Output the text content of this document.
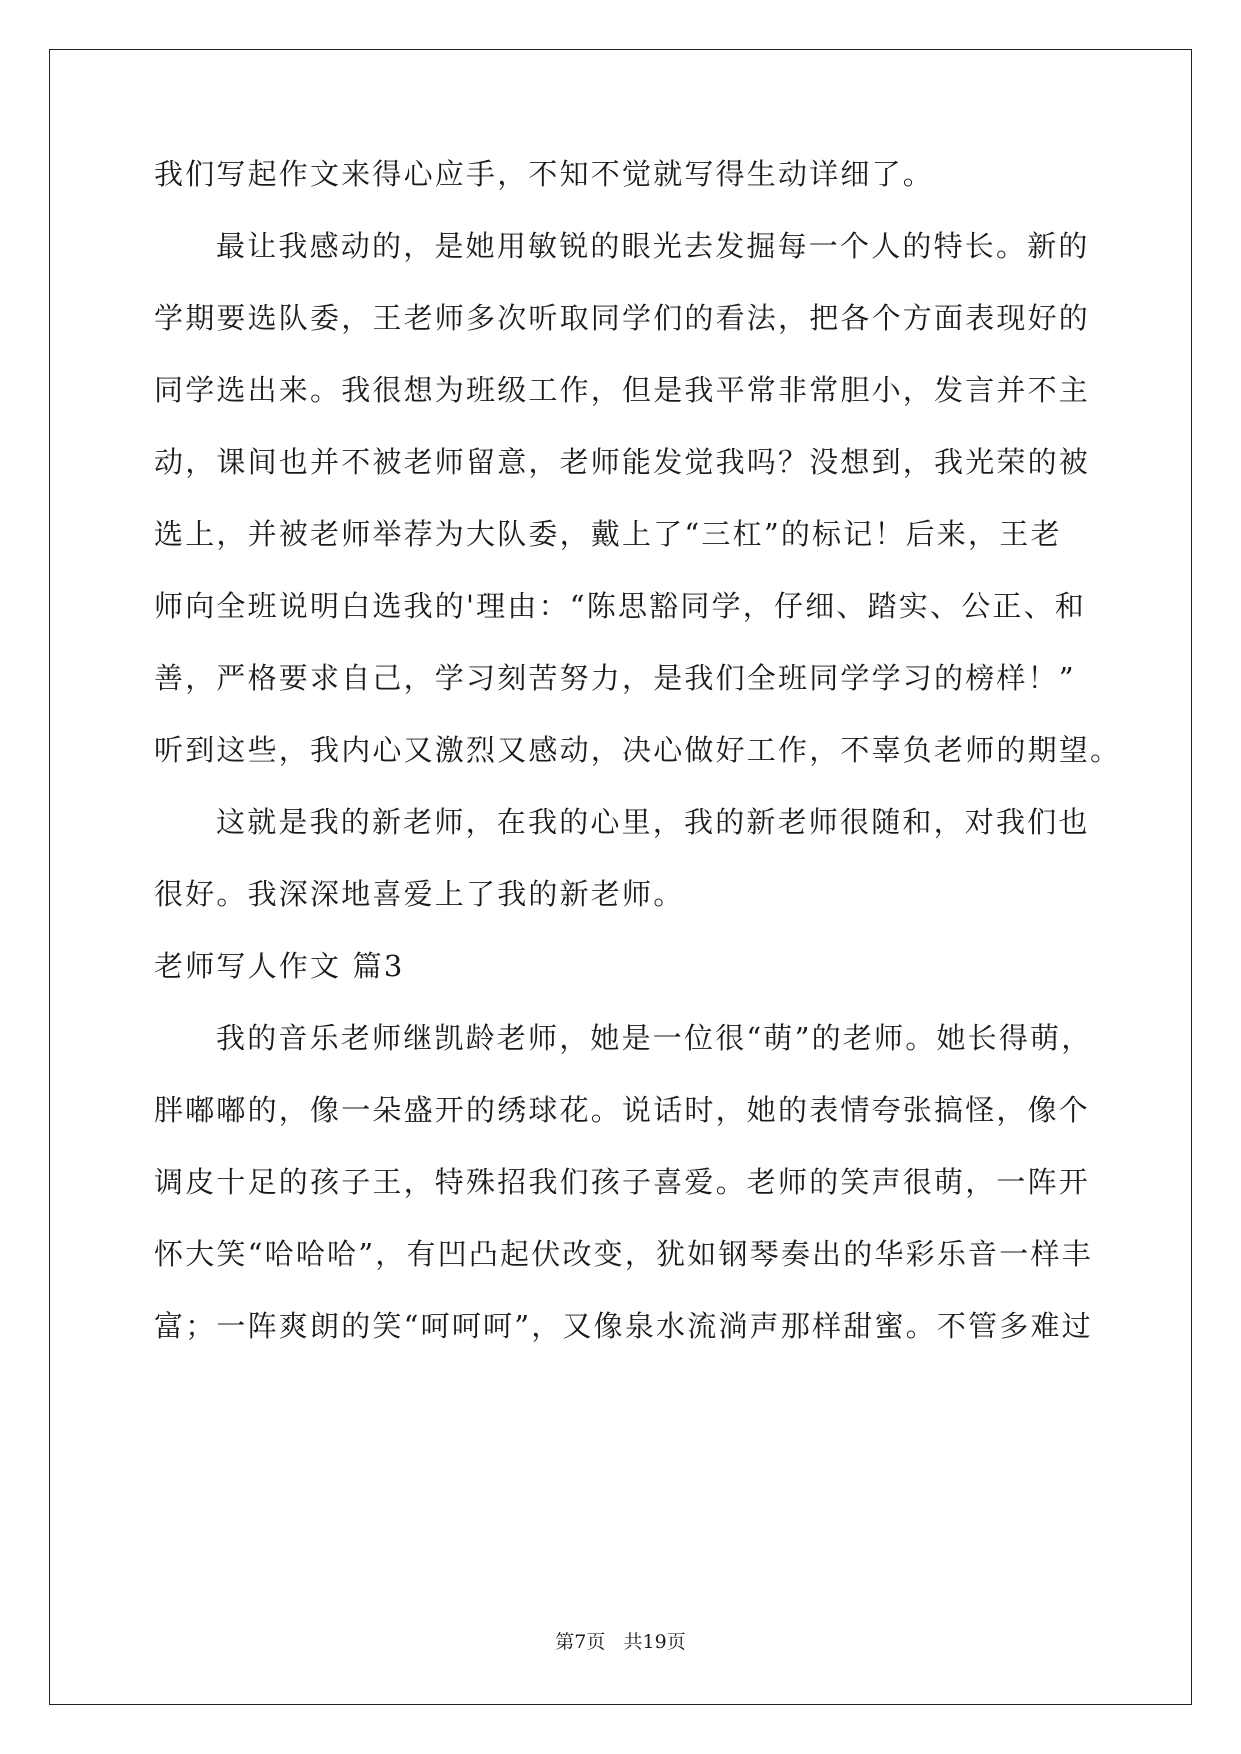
我们写起作文来得心应手，不知不觉就写得生动详细了。
最让我感动的，是她用敏锐的眼光去发掘每一个人的特长。新的
学期要选队委，王老师多次听取同学们的看法，把各个方面表现好的
同学选出来。我很想为班级工作，但是我平常非常胆小，发言并不主
动，课间也并不被老师留意，老师能发觉我吗？没想到，我光荣的被
选上，并被老师举荐为大队委，戴上了“三杠”的标记！后来，王老
师向全班说明白选我的'理由：“陈思豁同学，仔细、踏实、公正、和
善，严格要求自己，学习刻苦努力，是我们全班同学学习的榜样！”
听到这些，我内心又激烈又感动，决心做好工作，不辜负老师的期望。
这就是我的新老师，在我的心里，我的新老师很随和，对我们也
很好。我深深地喜爱上了我的新老师。
老师写人作文 篇3
我的音乐老师继凯龄老师，她是一位很“萌”的老师。她长得萌，
胖嘟嘟的，像一朵盛开的绣球花。说话时，她的表情夸张搞怪，像个
调皮十足的孩子王，特殊招我们孩子喜爱。老师的笑声很萌，一阵开
怀大笑“哈哈哈”，有凹凸起伏改变，犹如钢琴奏出的华彩乐音一样丰
富；一阵爽朗的笑“呵呵呵”，又像泉水流淌声那样甜蜜。不管多难过
第7页 共19页
